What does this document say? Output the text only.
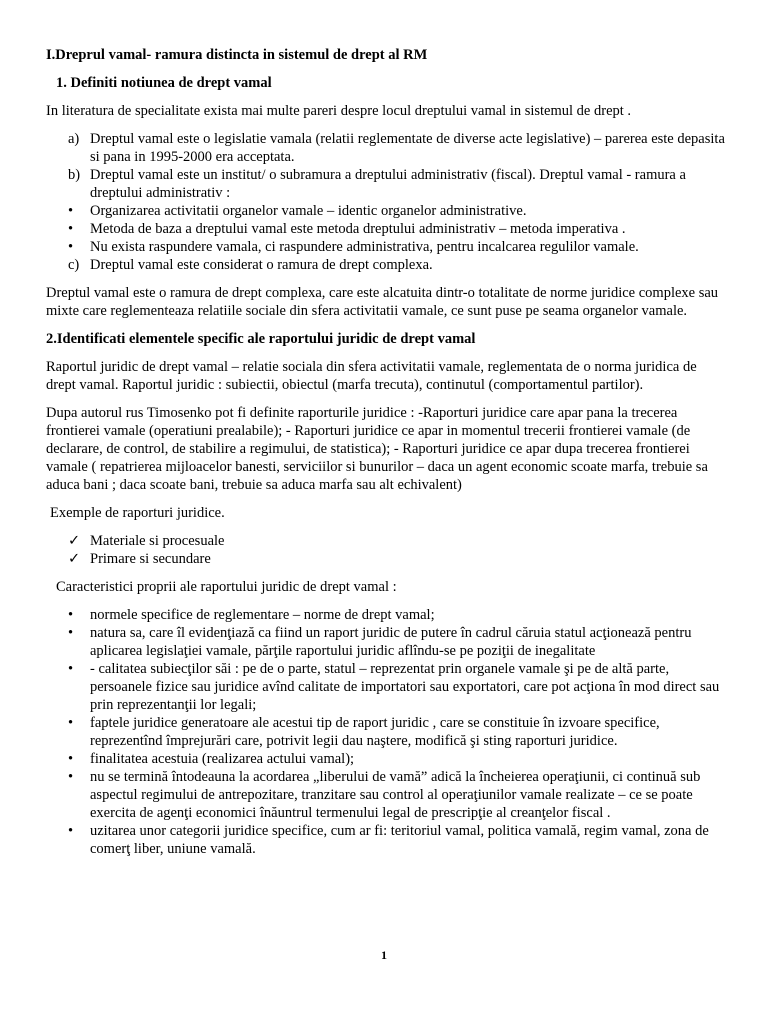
I.Dreprul vamal- ramura distincta in sistemul de drept al RM
1. Definiti notiunea de drept vamal

In literatura de specialitate exista mai multe pareri despre locul dreptului vamal in sistemul de drept .

a) Dreptul vamal este o legislatie vamala (relatii reglementate de diverse acte legislative) – parerea este depasita si pana in 1995-2000 era acceptata.
b) Dreptul vamal este un institut/ o subramura a dreptului administrativ (fiscal). Dreptul vamal - ramura a dreptului administrativ :
• Organizarea activitatii organelor vamale – identic organelor administrative.
• Metoda de baza a dreptului vamal este metoda dreptului administrativ – metoda imperativa .
• Nu exista raspundere vamala, ci raspundere administrativa, pentru incalcarea regulilor vamale.
c) Dreptul vamal este considerat o ramura de drept complexa.

Dreptul vamal este o ramura de drept complexa, care este alcatuita dintr-o totalitate de norme juridice complexe sau mixte care reglementeaza relatiile sociale din sfera activitatii vamale, ce sunt puse pe seama organelor vamale.

2.Identificati elementele specific ale raportului juridic de drept vamal

Raportul juridic de drept vamal – relatie sociala din sfera activitatii vamale, reglementata de o norma juridica de drept vamal. Raportul juridic : subiectii, obiectul (marfa trecuta), continutul (comportamentul partilor).

Dupa autorul rus Timosenko pot fi definite raporturile juridice : -Raporturi juridice care apar pana la trecerea frontierei vamale (operatiuni prealabile); - Raporturi juridice ce apar in momentul trecerii frontierei vamale (de declarare, de control, de stabilire a regimului, de statistica); - Raporturi juridice ce apar dupa trecerea frontierei vamale ( repatrierea mijloacelor banesti, serviciilor si bunurilor – daca un agent economic scoate marfa, trebuie sa aduca bani ; daca scoate bani, trebuie sa aduca marfa sau alt echivalent)

Exemple de raporturi juridice.

✓ Materiale si procesuale
✓ Primare si secundare

Caracteristici proprii ale raportului juridic de drept vamal :

• normele specifice de reglementare – norme de drept vamal;
• natura sa, care îl evidenţiază ca fiind un raport juridic de putere în cadrul căruia statul acţionează pentru aplicarea legislaţiei vamale, părţile raportului juridic aflîndu-se pe poziţii de inegalitate
• - calitatea subiecţilor săi : pe de o parte, statul – reprezentat prin organele vamale şi pe de altă parte, persoanele fizice sau juridice avînd calitate de importatori sau exportatori, care pot acţiona în mod direct sau prin reprezentanţii lor legali;
• faptele juridice generatoare ale acestui tip de raport juridic , care se constituie în izvoare specifice, reprezentînd împrejurări care, potrivit legii dau naştere, modifică şi sting raporturi juridice.
• finalitatea acestuia (realizarea actului vamal);
• nu se termină întodeauna la acordarea „liberului de vamă” adică la încheierea operaţiunii, ci continuă sub aspectul regimului de antrepozitare, tranzitare sau control al operaţiunilor vamale realizate – ce se poate exercita de agenţi economici înăuntrul termenului legal de prescripţie al creanţelor fiscal .
• uzitarea unor categorii juridice specifice, cum ar fi: teritoriul vamal, politica vamală, regim vamal, zona de comerţ liber, uniune vamală.
1
